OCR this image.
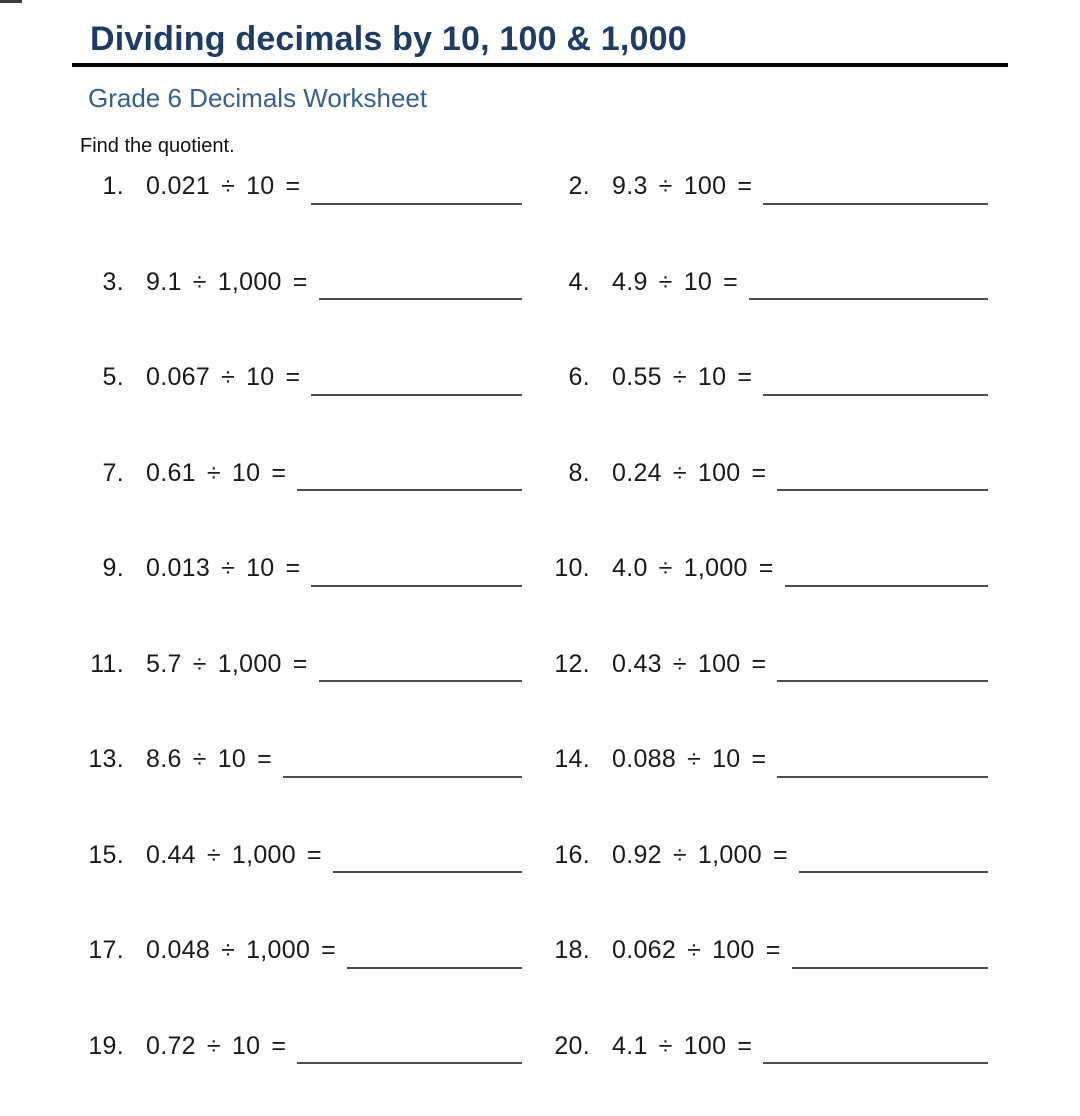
Dividing decimals by 10, 100 & 1,000
Grade 6 Decimals Worksheet

Find the quotient.

1. 0.021 ÷ 10 =	2. 9.3 ÷ 100 =
3. 9.1 ÷ 1,000 =	4. 4.9 ÷ 10 =
5. 0.067 ÷ 10 =	6. 0.55 ÷ 10 =
7. 0.61 ÷ 10 =	8. 0.24 ÷ 100 =
9. 0.013 ÷ 10 =	10. 4.0 ÷ 1,000 =
11. 5.7 ÷ 1,000 =	12. 0.43 ÷ 100 =
13. 8.6 ÷ 10 =	14. 0.088 ÷ 10 =
15. 0.44 ÷ 1,000 =	16. 0.92 ÷ 1,000 =
17. 0.048 ÷ 1,000 =	18. 0.062 ÷ 100 =
19. 0.72 ÷ 10 =	20. 4.1 ÷ 100 =
